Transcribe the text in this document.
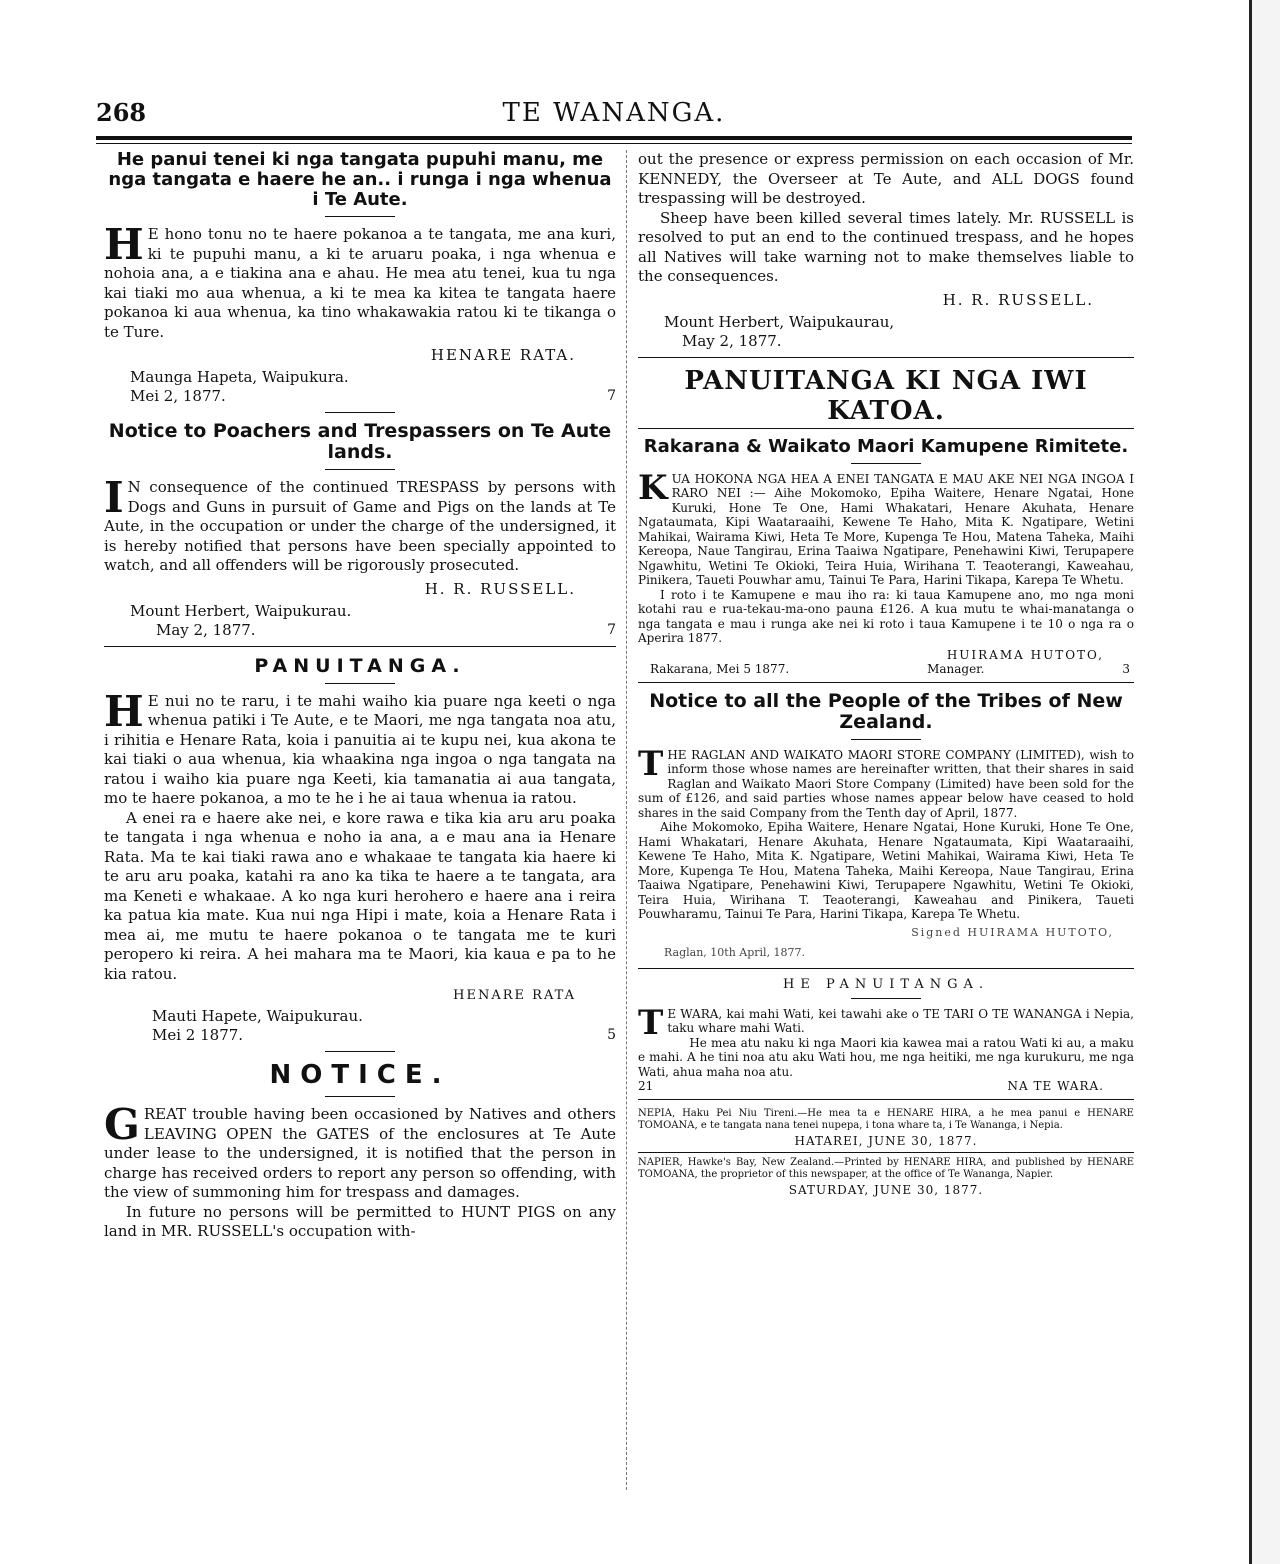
TE WANANGA.
268
He panui tenei ki nga tangata pupuhi manu, me nga tangata e haere he an.. i runga i nga whenua i Te Aute.

H E hono tonu no te haere pokanoa a te tangata, me ana kuri, ki te pupuhi manu, a ki te aruaru poaka, i nga whenua e nohoia ana, a e tiakina ana e ahau. He mea atu tenei, kua tu nga kai tiaki mo aua whenua, a ki te mea ka kitea te tangata haere pokanoa ki aua whenua, ka tino whakawakia ratou ki te tikanga o te Ture.

HENARE RATA.
Maunga Hapeta, Waipukura.
7
Mei 2, 1877.
Notice to Poachers and Trespassers on Te Aute lands.

I N consequence of the continued TRESPASS by persons with Dogs and Guns in pursuit of Game and Pigs on the lands at Te Aute, in the occupation or under the charge of the undersigned, it is hereby notified that persons have been specially appointed to watch, and all offenders will be rigorously prosecuted.

H. R. RUSSELL.
Mount Herbert, Waipukurau.
7
May 2, 1877.
PANUITANGA.

H E nui no te raru, i te mahi waiho kia puare nga keeti o nga whenua patiki i Te Aute, e te Maori, me nga tangata noa atu, i rihitia e Henare Rata, koia i panuitia ai te kupu nei, kua akona te kai tiaki o aua whenua, kia whaakina nga ingoa o nga tangata na ratou i waiho kia puare nga Keeti, kia tamanatia ai aua tangata, mo te haere pokanoa, a mo te he i he ai taua whenua ia ratou.

A enei ra e haere ake nei, e kore rawa e tika kia aru aru poaka te tangata i nga whenua e noho ia ana, a e mau ana ia Henare Rata. Ma te kai tiaki rawa ano e whakaae te tangata kia haere ki te aru aru poaka, katahi ra ano ka tika te haere a te tangata, ara ma Keneti e whakaae. A ko nga kuri herohero e haere ana i reira ka patua kia mate. Kua nui nga Hipi i mate, koia a Henare Rata i mea ai, me mutu te haere pokanoa o te tangata me te kuri peropero ki reira. A hei mahara ma te Maori, kia kaua e pa to he kia ratou.

HENARE RATA
Mauti Hapete, Waipukurau.
5
Mei 2 1877.
NOTICE.

GREAT trouble having been occasioned by Natives and others LEAVING OPEN the GATES of the enclosures at Te Aute under lease to the undersigned, it is notified that the person in charge has received orders to report any person so offending, with the view of summoning him for trespass and damages.

In future no persons will be permitted to HUNT PIGS on any land in MR. RUSSELL's occupation with-

out the presence or express permission on each occasion of Mr. KENNEDY, the Overseer at Te Aute, and ALL DOGS found trespassing will be destroyed.

Sheep have been killed several times lately. Mr. RUSSELL is resolved to put an end to the continued trespass, and he hopes all Natives will take warning not to make themselves liable to the consequences.

H. R. RUSSELL.
Mount Herbert, Waipukaurau,
May 2, 1877.
PANUITANGA KI NGA IWI KATOA.
Rakarana & Waikato Maori Kamupene Rimitete.

KUA HOKONA NGA HEA A ENEI TANGATA E MAU AKE NEI NGA INGOA I RARO NEI :— Aihe Mokomoko, Epiha Waitere, Henare Ngatai, Hone Kuruki, Hone Te One, Hami Whakatari, Henare Akuhata, Henare Ngataumata, Kipi Waataraaihi, Kewene Te Haho, Mita K. Ngatipare, Wetini Mahikai, Wairama Kiwi, Heta Te More, Kupenga Te Hou, Matena Taheka, Maihi Kereopa, Naue Tangirau, Erina Taaiwa Ngatipare, Penehawini Kiwi, Terupapere Ngawhitu, Wetini Te Okioki, Teira Huia, Wirihana T. Teaoterangi, Kaweahau, Pinikera, Taueti Pouwhar amu, Tainui Te Para, Harini Tikapa, Karepa Te Whetu.

I roto i te Kamupene e mau iho ra: ki taua Kamupene ano, mo nga moni kotahi rau e rua-tekau-ma-ono pauna £126. A kua mutu te whai-manatanga o nga tangata e mau i runga ake nei ki roto i taua Kamupene i te 10 o nga ra o Aperira 1877.

HUIRAMA HUTOTO,
Rakarana, Mei 5 1877.	Manager.	3
Notice to all the People of the Tribes of New Zealand.

THE RAGLAN AND WAIKATO MAORI STORE COMPANY (LIMITED), wish to inform those whose names are hereinafter written, that their shares in said Raglan and Waikato Maori Store Company (Limited) have been sold for the sum of £126, and said parties whose names appear below have ceased to hold shares in the said Company from the Tenth day of April, 1877.

Aihe Mokomoko, Epiha Waitere, Henare Ngatai, Hone Kuruki, Hone Te One, Hami Whakatari, Henare Akuhata, Henare Ngataumata, Kipi Waataraaihi, Kewene Te Haho, Mita K. Ngatipare, Wetini Mahikai, Wairama Kiwi, Heta Te More, Kupenga Te Hou, Matena Taheka, Maihi Kereopa, Naue Tangirau, Erina Taaiwa Ngatipare, Penehawini Kiwi, Terupapere Ngawhitu, Wetini Te Okioki, Teira Huia, Wirihana T. Teaoterangi, Kaweahau and Pinikera, Taueti Pouwharamu, Tainui Te Para, Harini Tikapa, Karepa Te Whetu.

Signed HUIRAMA HUTOTO,
Raglan, 10th April, 1877.
HE PANUITANGA.

T E WARA, kai mahi Wati, kei tawahi ake o TE TARI O TE WANANGA i Nepia, taku whare mahi Wati.

He mea atu naku ki nga Maori kia kawea mai a ratou Wati ki au, a maku e mahi. A he tini noa atu aku Wati hou, me nga heitiki, me nga kurukuru, me nga Wati, ahua maha noa atu.

21	NA TE WARA.

NEPIA, Haku Pei Niu Tireni.—He mea ta e HENARE HIRA, a he mea panui e HENARE TOMOANA, e te tangata nana tenei nupepa, i tona whare ta, i Te Wananga, i Nepia.

HATAREI, JUNE 30, 1877.

NAPIER, Hawke's Bay, New Zealand.—Printed by HENARE HIRA, and published by HENARE TOMOANA, the proprietor of this newspaper, at the office of Te Wananga, Napier.

SATURDAY, JUNE 30, 1877.
